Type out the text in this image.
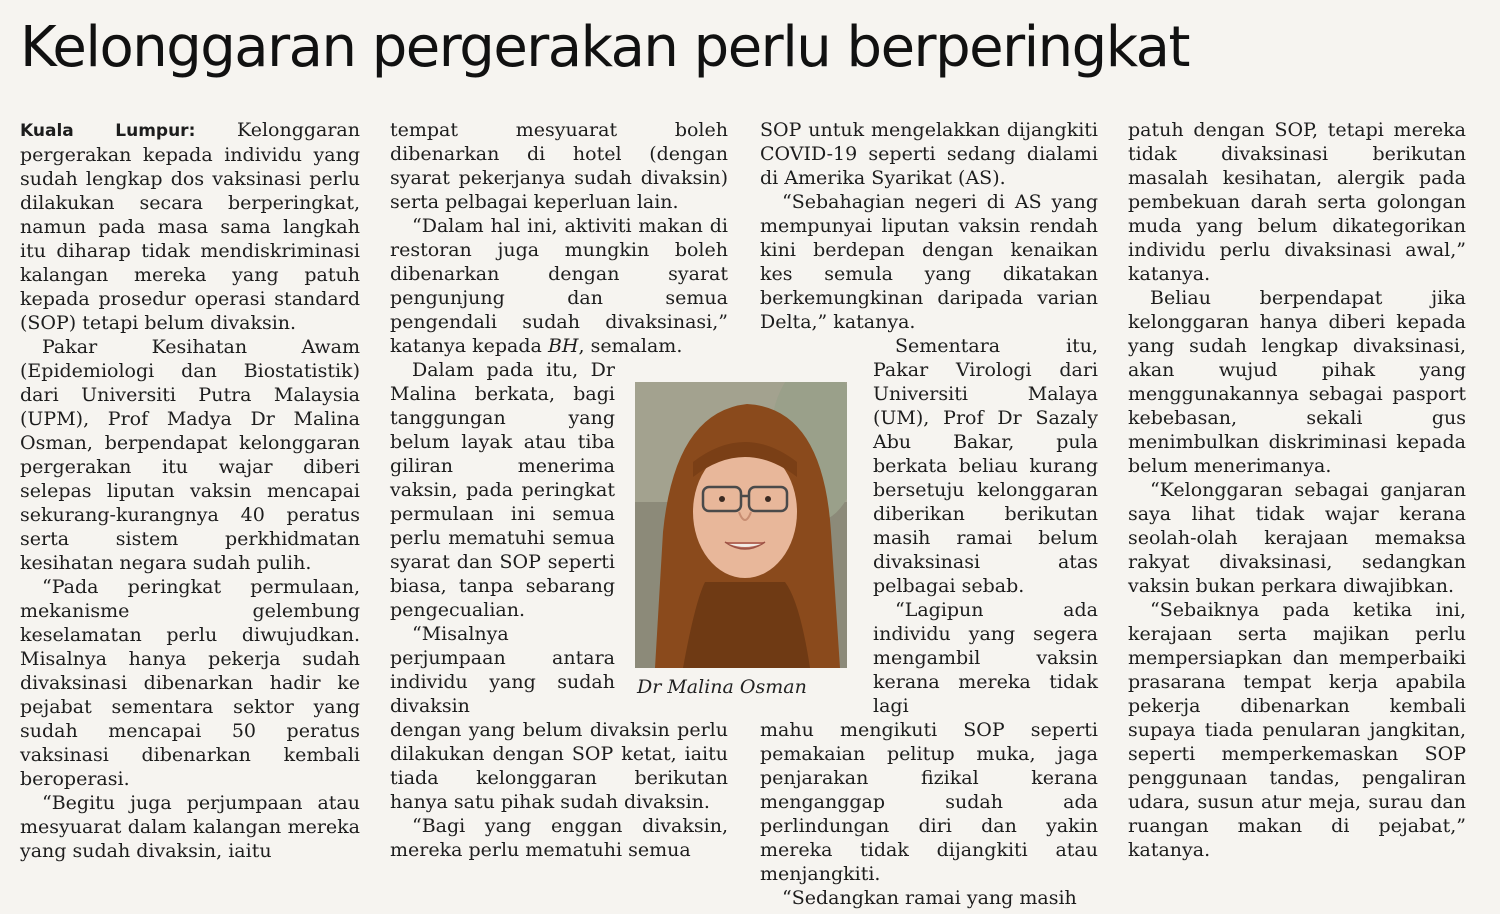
Kelonggaran pergerakan perlu berperingkat

Kuala Lumpur: Kelonggaran pergerakan kepada individu yang sudah lengkap dos vaksinasi perlu dilakukan secara berperingkat, namun pada masa sama langkah itu diharap tidak mendiskriminasi kalangan mereka yang patuh kepada prosedur operasi standard (SOP) tetapi belum divaksin.

Pakar Kesihatan Awam (Epidemiologi dan Biostatistik) dari Universiti Putra Malaysia (UPM), Prof Madya Dr Malina Osman, berpendapat kelonggaran pergerakan itu wajar diberi selepas liputan vaksin mencapai sekurang-kurangnya 40 peratus serta sistem perkhidmatan kesihatan negara sudah pulih.

“Pada peringkat permulaan, mekanisme gelembung keselamatan perlu diwujudkan. Misalnya hanya pekerja sudah divaksinasi dibenarkan hadir ke pejabat sementara sektor yang sudah mencapai 50 peratus vaksinasi dibenarkan kembali beroperasi.

“Begitu juga perjumpaan atau mesyuarat dalam kalangan mereka yang sudah divaksin, iaitu

tempat mesyuarat boleh dibenarkan di hotel (dengan syarat pekerjanya sudah divaksin) serta pelbagai keperluan lain.

“Dalam hal ini, aktiviti makan di restoran juga mungkin boleh dibenarkan dengan syarat pengunjung dan semua pengendali sudah divaksinasi,” katanya kepada BH, semalam.

Dalam pada itu, Dr Malina berkata, bagi tanggungan yang belum layak atau tiba giliran menerima vaksin, pada peringkat permulaan ini semua perlu mematuhi semua syarat dan SOP seperti biasa, tanpa sebarang pengecualian.

“Misalnya perjumpaan antara individu yang sudah divaksin

dengan yang belum divaksin perlu dilakukan dengan SOP ketat, iaitu tiada kelonggaran berikutan hanya satu pihak sudah divaksin.

“Bagi yang enggan divaksin, mereka perlu mematuhi semua

SOP untuk mengelakkan dijangkiti COVID-19 seperti sedang dialami di Amerika Syarikat (AS).

“Sebahagian negeri di AS yang mempunyai liputan vaksin rendah kini berdepan dengan kenaikan kes semula yang dikatakan berkemungkinan daripada varian Delta,” katanya.

Sementara itu, Pakar Virologi dari Universiti Malaya (UM), Prof Dr Sazaly Abu Bakar, pula berkata beliau kurang bersetuju kelonggaran diberikan berikutan masih ramai belum divaksinasi atas pelbagai sebab.

“Lagipun ada individu yang segera mengambil vaksin kerana mereka tidak lagi

mahu mengikuti SOP seperti pemakaian pelitup muka, jaga penjarakan fizikal kerana menganggap sudah ada perlindungan diri dan yakin mereka tidak dijangkiti atau menjangkiti.

“Sedangkan ramai yang masih

patuh dengan SOP, tetapi mereka tidak divaksinasi berikutan masalah kesihatan, alergik pada pembekuan darah serta golongan muda yang belum dikategorikan individu perlu divaksinasi awal,” katanya.

Beliau berpendapat jika kelonggaran hanya diberi kepada yang sudah lengkap divaksinasi, akan wujud pihak yang menggunakannya sebagai pasport kebebasan, sekali gus menimbulkan diskriminasi kepada belum menerimanya.

“Kelonggaran sebagai ganjaran saya lihat tidak wajar kerana seolah-olah kerajaan memaksa rakyat divaksinasi, sedangkan vaksin bukan perkara diwajibkan.

“Sebaiknya pada ketika ini, kerajaan serta majikan perlu mempersiapkan dan memperbaiki prasarana tempat kerja apabila pekerja dibenarkan kembali supaya tiada penularan jangkitan, seperti memperkemaskan SOP penggunaan tandas, pengaliran udara, susun atur meja, surau dan ruangan makan di pejabat,” katanya.

Dr Malina Osman
